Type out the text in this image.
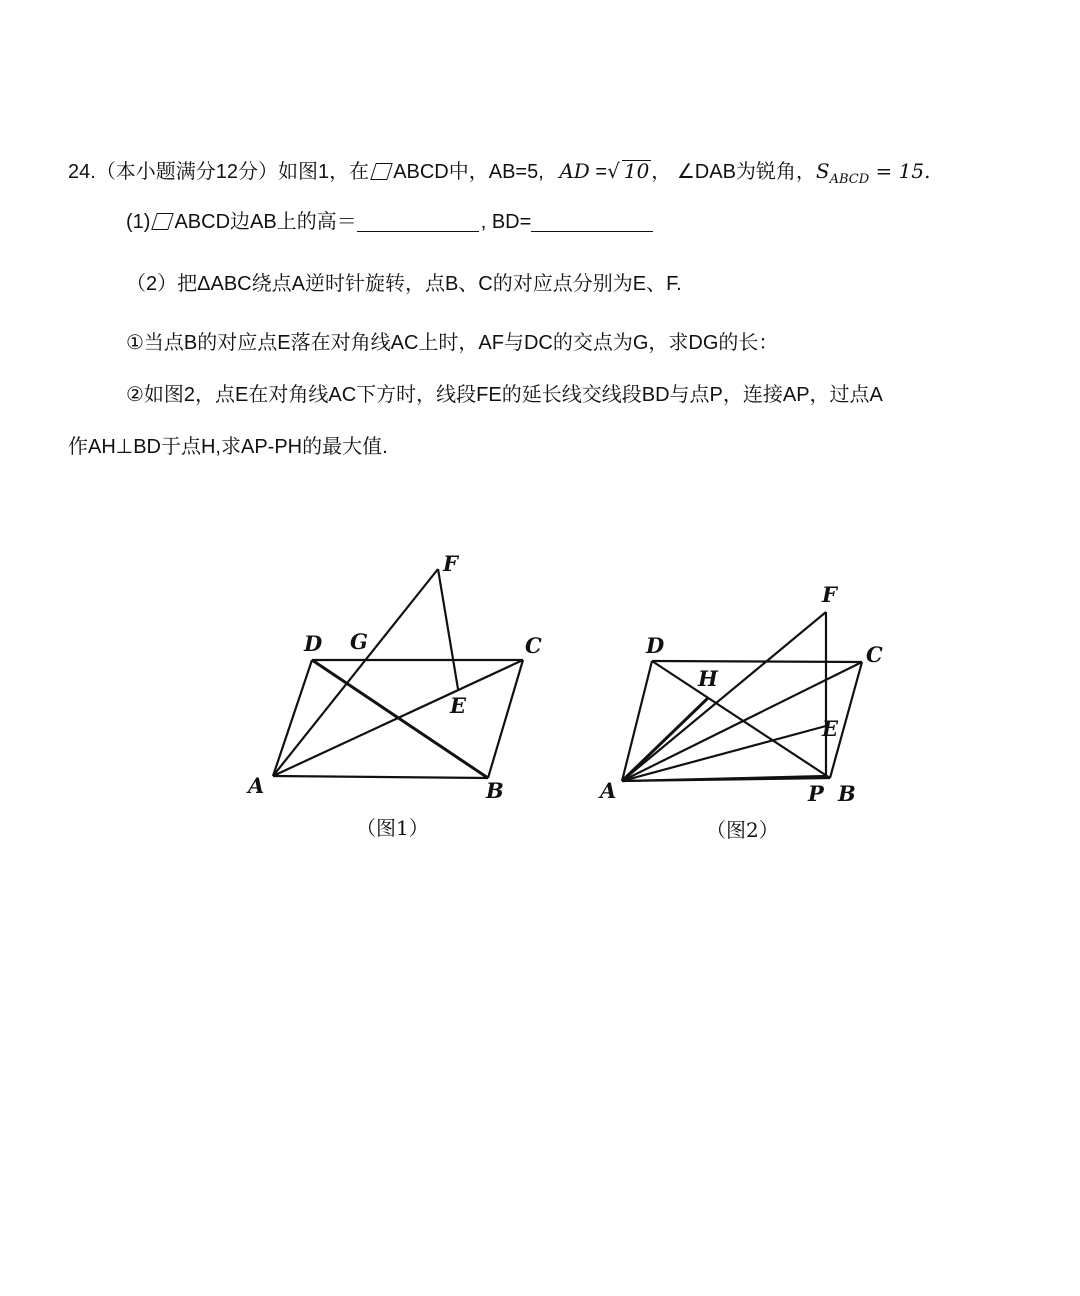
24.（本小题满分12分）如图1，在 ABCD中，AB=5, AD =√ 10 ， ∠DAB为锐角，$S_{ABCD} = 15$.
(1) ABCD边AB上的高＝	, BD=
（2）把ΔABC绕点A逆时针旋转，点B、C的对应点分别为E、F.
①当点B的对应点E落在对角线AC上时，AF与DC的交点为G，求DG的长：
②如图2，点E在对角线AC下方时，线段FE的延长线交线段BD与点P，连接AP，过点A
作AH⊥BD于点H,求AP-PH的最大值.
A	B
C
D
E
F
G
（图1）
D	C
F
H
E
A	P B
（图2）
